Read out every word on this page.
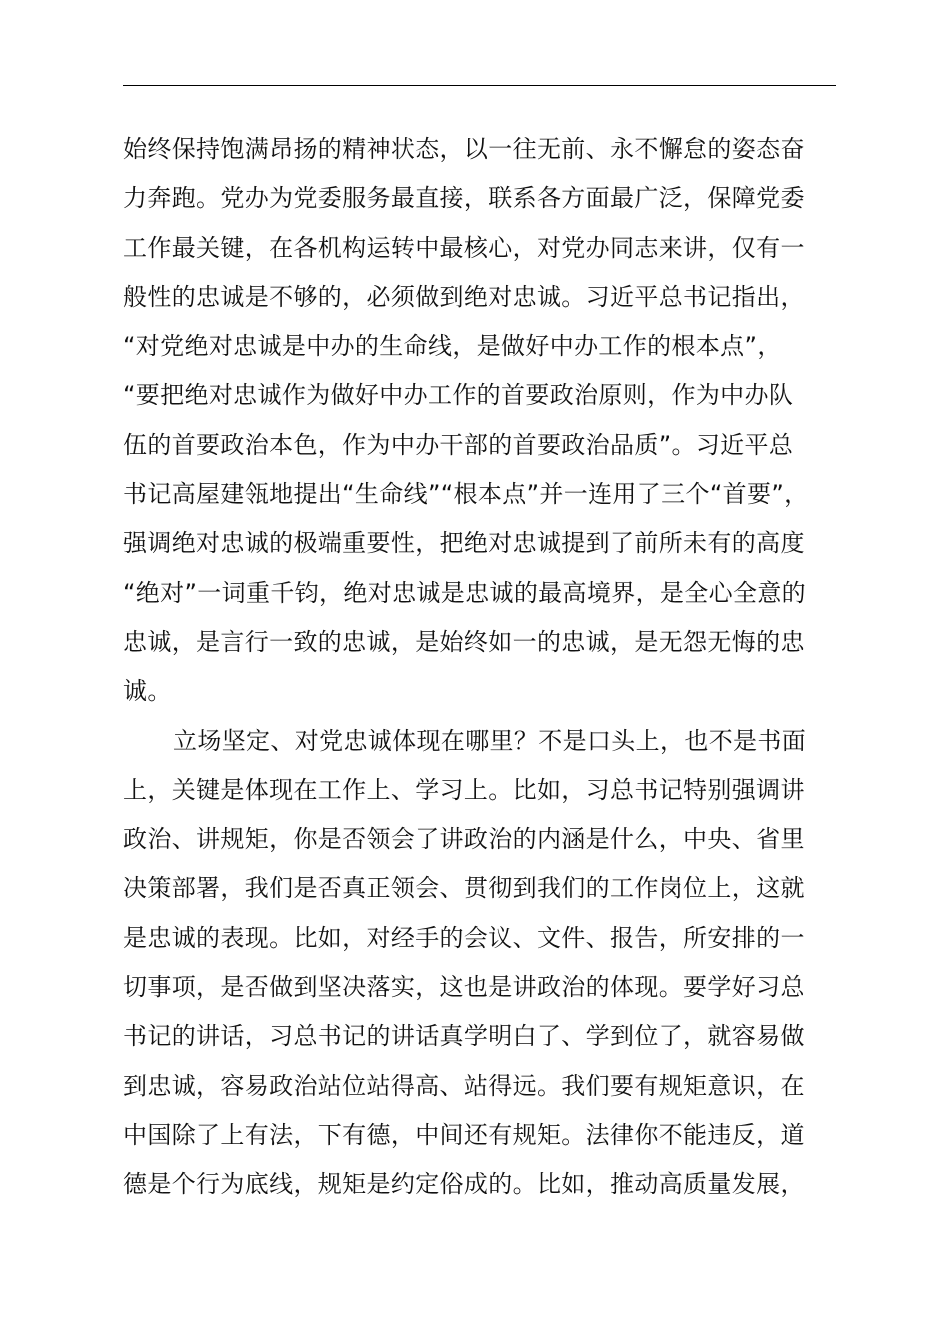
始终保持饱满昂扬的精神状态，以一往无前、永不懈怠的姿态奋
力奔跑。党办为党委服务最直接，联系各方面最广泛，保障党委
工作最关键，在各机构运转中最核心，对党办同志来讲，仅有一
般性的忠诚是不够的，必须做到绝对忠诚。习近平总书记指出，
“对党绝对忠诚是中办的生命线，是做好中办工作的根本点”，
“要把绝对忠诚作为做好中办工作的首要政治原则，作为中办队
伍的首要政治本色，作为中办干部的首要政治品质”。习近平总
书记高屋建瓴地提出“生命线”“根本点”并一连用了三个“首要”，
强调绝对忠诚的极端重要性，把绝对忠诚提到了前所未有的高度
“绝对”一词重千钧，绝对忠诚是忠诚的最高境界，是全心全意的
忠诚，是言行一致的忠诚，是始终如一的忠诚，是无怨无悔的忠
诚。
立场坚定、对党忠诚体现在哪里？不是口头上，也不是书面
上，关键是体现在工作上、学习上。比如，习总书记特别强调讲
政治、讲规矩，你是否领会了讲政治的内涵是什么，中央、省里
决策部署，我们是否真正领会、贯彻到我们的工作岗位上，这就
是忠诚的表现。比如，对经手的会议、文件、报告，所安排的一
切事项，是否做到坚决落实，这也是讲政治的体现。要学好习总
书记的讲话，习总书记的讲话真学明白了、学到位了，就容易做
到忠诚，容易政治站位站得高、站得远。我们要有规矩意识，在
中国除了上有法，下有德，中间还有规矩。法律你不能违反，道
德是个行为底线，规矩是约定俗成的。比如，推动高质量发展，
